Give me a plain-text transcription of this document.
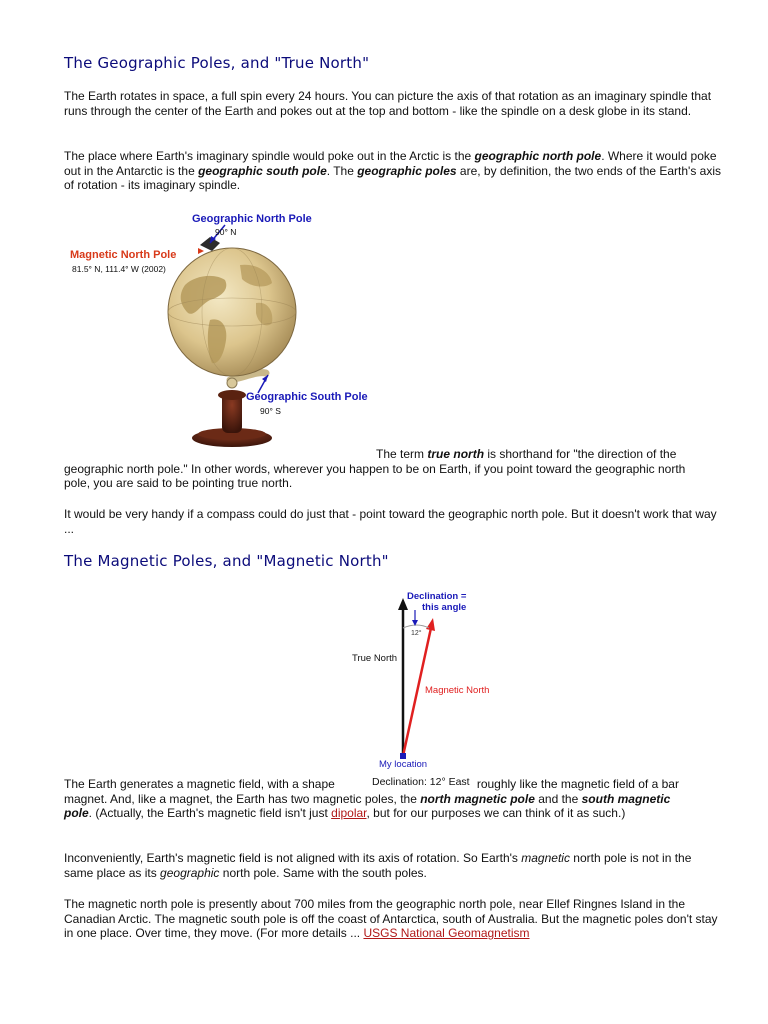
The Geographic Poles, and "True North"

The Earth rotates in space, a full spin every 24 hours. You can picture the axis of that rotation as an imaginary spindle that runs through the center of the Earth and pokes out at the top and bottom - like the spindle on a desk globe in its stand.

The place where Earth's imaginary spindle would poke out in the Arctic is the geographic north pole. Where it would poke out in the Antarctic is the geographic south pole. The geographic poles are, by definition, the two ends of the Earth's axis of rotation - its imaginary spindle.

Geographic North Pole
90° N
Magnetic North Pole
81.5° N, 111.4° W (2002)
Geographic South Pole
90° S

The term true north is shorthand for "the direction of the geographic north pole." In other words, wherever you happen to be on Earth, if you point toward the geographic north pole, you are said to be pointing true north.

It would be very handy if a compass could do just that - point toward the geographic north pole. But it doesn't work that way ...

The Magnetic Poles, and "Magnetic North"
Declination =
this angle
12°
True North
Magnetic North
My location
Declination: 12° East

The Earth generates a magnetic field, with a shape	roughly like the magnetic field of a bar magnet. And, like a magnet, the Earth has two magnetic poles, the north magnetic pole and the south magnetic pole. (Actually, the Earth's magnetic field isn't just dipolar, but for our purposes we can think of it as such.)

Inconveniently, Earth's magnetic field is not aligned with its axis of rotation. So Earth's magnetic north pole is not in the same place as its geographic north pole. Same with the south poles.

The magnetic north pole is presently about 700 miles from the geographic north pole, near Ellef Ringnes Island in the Canadian Arctic. The magnetic south pole is off the coast of Antarctica, south of Australia. But the magnetic poles don't stay in one place. Over time, they move. (For more details ... USGS National Geomagnetism
